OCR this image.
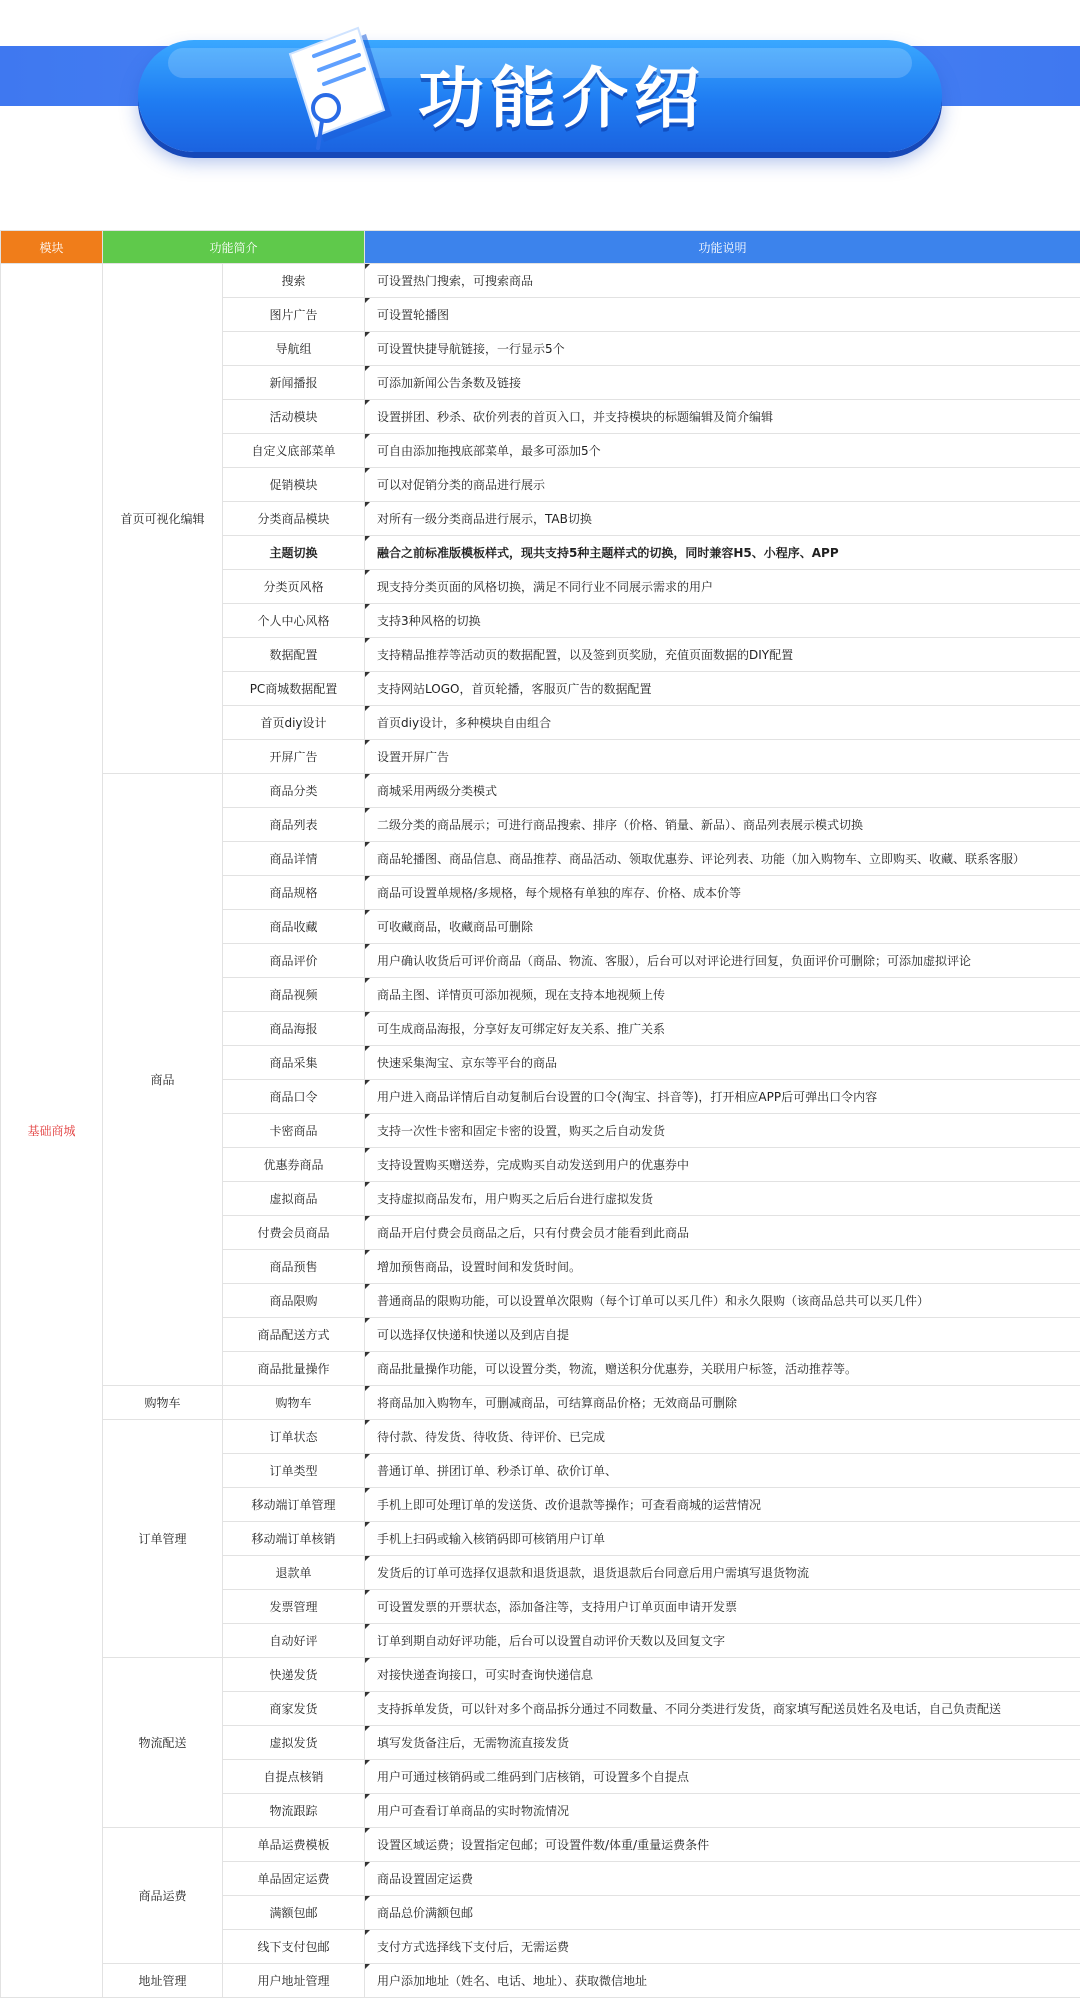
功能介绍
模块	功能简介		功能说明
基础商城	首页可视化编辑	搜索	可设置热门搜索，可搜索商品
		图片广告	可设置轮播图
		导航组	可设置快捷导航链接，一行显示5个
		新闻播报	可添加新闻公告条数及链接
		活动模块	设置拼团、秒杀、砍价列表的首页入口，并支持模块的标题编辑及简介编辑
		自定义底部菜单	可自由添加拖拽底部菜单，最多可添加5个
		促销模块	可以对促销分类的商品进行展示
		分类商品模块	对所有一级分类商品进行展示，TAB切换
		主题切换	融合之前标准版模板样式，现共支持5种主题样式的切换，同时兼容H5、小程序、APP
		分类页风格	现支持分类页面的风格切换，满足不同行业不同展示需求的用户
		个人中心风格	支持3种风格的切换
		数据配置	支持精品推荐等活动页的数据配置，以及签到页奖励，充值页面数据的DIY配置
		PC商城数据配置	支持网站LOGO，首页轮播，客服页广告的数据配置
		首页diy设计	首页diy设计，多种模块自由组合
		开屏广告	设置开屏广告
	商品	商品分类	商城采用两级分类模式
		商品列表	二级分类的商品展示；可进行商品搜索、排序（价格、销量、新品）、商品列表展示模式切换
		商品详情	商品轮播图、商品信息、商品推荐、商品活动、领取优惠券、评论列表、功能（加入购物车、立即购买、收藏、联系客服）
		商品规格	商品可设置单规格/多规格，每个规格有单独的库存、价格、成本价等
		商品收藏	可收藏商品，收藏商品可删除
		商品评价	用户确认收货后可评价商品（商品、物流、客服），后台可以对评论进行回复，负面评价可删除；可添加虚拟评论
		商品视频	商品主图、详情页可添加视频，现在支持本地视频上传
		商品海报	可生成商品海报，分享好友可绑定好友关系、推广关系
		商品采集	快速采集淘宝、京东等平台的商品
		商品口令	用户进入商品详情后自动复制后台设置的口令(淘宝、抖音等)，打开相应APP后可弹出口令内容
		卡密商品	支持一次性卡密和固定卡密的设置，购买之后自动发货
		优惠券商品	支持设置购买赠送券，完成购买自动发送到用户的优惠券中
		虚拟商品	支持虚拟商品发布，用户购买之后后台进行虚拟发货
		付费会员商品	商品开启付费会员商品之后，只有付费会员才能看到此商品
		商品预售	增加预售商品，设置时间和发货时间。
		商品限购	普通商品的限购功能，可以设置单次限购（每个订单可以买几件）和永久限购（该商品总共可以买几件）
		商品配送方式	可以选择仅快递和快递以及到店自提
		商品批量操作	商品批量操作功能，可以设置分类，物流，赠送积分优惠券，关联用户标签，活动推荐等。
	购物车	购物车	将商品加入购物车，可删减商品，可结算商品价格；无效商品可删除
	订单管理	订单状态	待付款、待发货、待收货、待评价、已完成
		订单类型	普通订单、拼团订单、秒杀订单、砍价订单、
		移动端订单管理	手机上即可处理订单的发送货、改价退款等操作；可查看商城的运营情况
		移动端订单核销	手机上扫码或输入核销码即可核销用户订单
		退款单	发货后的订单可选择仅退款和退货退款，退货退款后台同意后用户需填写退货物流
		发票管理	可设置发票的开票状态，添加备注等，支持用户订单页面申请开发票
		自动好评	订单到期自动好评功能，后台可以设置自动评价天数以及回复文字
	物流配送	快递发货	对接快递查询接口，可实时查询快递信息
		商家发货	支持拆单发货，可以针对多个商品拆分通过不同数量、不同分类进行发货，商家填写配送员姓名及电话，自己负责配送
		虚拟发货	填写发货备注后，无需物流直接发货
		自提点核销	用户可通过核销码或二维码到门店核销，可设置多个自提点
		物流跟踪	用户可查看订单商品的实时物流情况
	商品运费	单品运费模板	设置区域运费；设置指定包邮；可设置件数/体重/重量运费条件
		单品固定运费	商品设置固定运费
		满额包邮	商品总价满额包邮
		线下支付包邮	支付方式选择线下支付后，无需运费
	地址管理	用户地址管理	用户添加地址（姓名、电话、地址）、获取微信地址
